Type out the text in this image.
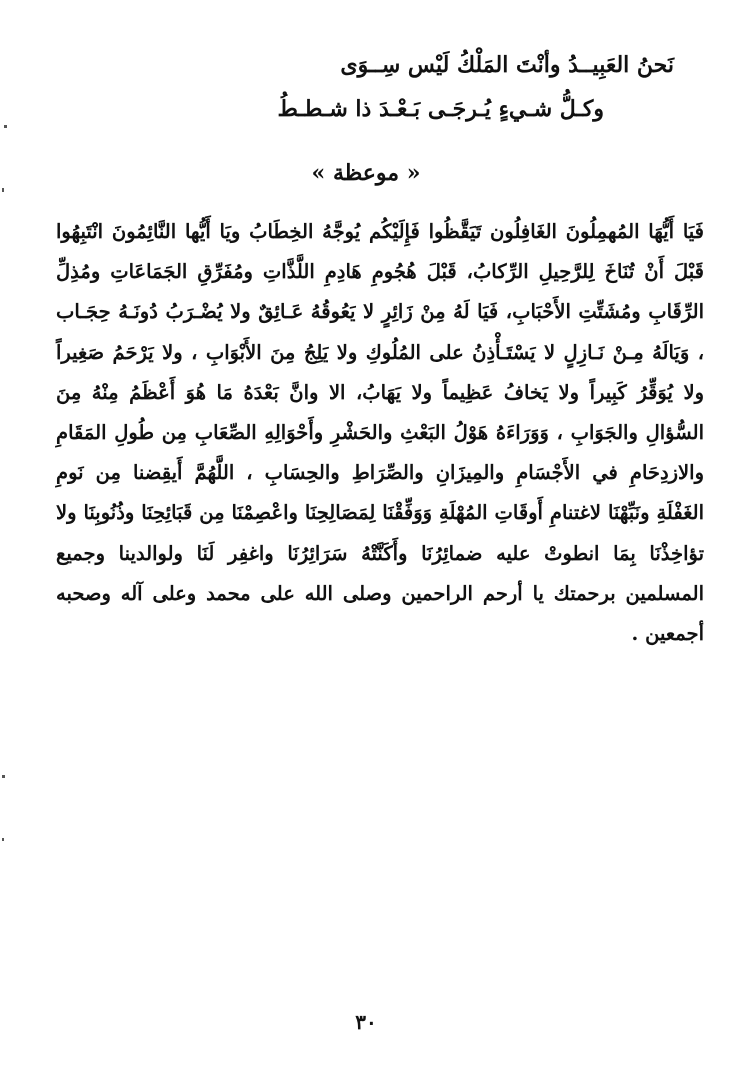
نَحنُ العَبِيــدُ وأنْتَ المَلْكُ لَيْس سِــوَى
وكـلُّ شـيءٍ يُـرجَـى بَـعْـدَ ذا شـطـطُ
« موعظة »
فَيَا أَيُّهَا المُهمِلُونَ الغَافِلُون تَيَقَّظُوا فَإِلَيْكُم يُوجَّهُ الخِطَابُ ويَا أَيُّها النَّائِمُونَ انْتَبِهُوا قَبْلَ أَنْ تُنَاخَ لِلرَّحِيلِ الرِّكابُ، قَبْلَ هُجُومِ هَادِمِ اللَّذَّاتِ ومُفَرِّقِ الجَمَاعَاتِ ومُذِلِّ الرِّقَابِ ومُشَتِّتِ الأَحْبَابِ، فَيَا لَهُ مِنْ زَائِرٍ لا يَعُوقُهُ عَـائِقٌ ولا يُضْـرَبُ دُونَـهُ حِجَـاب ، وَيَالَهُ مِـنْ نَـازِلٍ لا يَسْتَـأْذِنُ على المُلُوكِ ولا يَلِجُ مِنَ الأَبْوَابِ ، ولا يَرْحَمُ صَغِيراً ولا يُوَقِّرُ كَبِيراً ولا يَخافُ عَظِيماً ولا يَهَابُ، الا وانَّ بَعْدَهُ مَا هُوَ أَعْظَمُ مِنْهُ مِنَ السُّؤالِ والجَوَابِ ، وَوَرَاءَهُ هَوْلُ البَعْثِ والحَشْرِ وأَحْوَالِهِ الصِّعَابِ مِن طُولِ المَقَامِ والازدِحَامِ في الأَجْسَامِ والمِيزَانِ والصِّرَاطِ والحِسَابِ ، اللَّهُمَّ أَيقِضنا مِن نَومِ الغَفْلَةِ ونَبِّهْنَا لاغتنامِ أَوقَاتِ المُهْلَةِ وَوَفِّقْنَا لِمَصَالِحِنَا واعْصِمْنَا مِن قَبَائِحِنَا وذُنُوبِنَا ولا تؤاخِذْنَا بِمَا انطوتْ عليه ضمائِرُنَا وأَكَنَّتْهُ سَرَائِرُنَا واغفِر لَنَا ولوالدينا وجميع المسلمين برحمتك يا أرحم الراحمين وصلى الله على محمد وعلى آله وصحبه أجمعين .
٣٠
